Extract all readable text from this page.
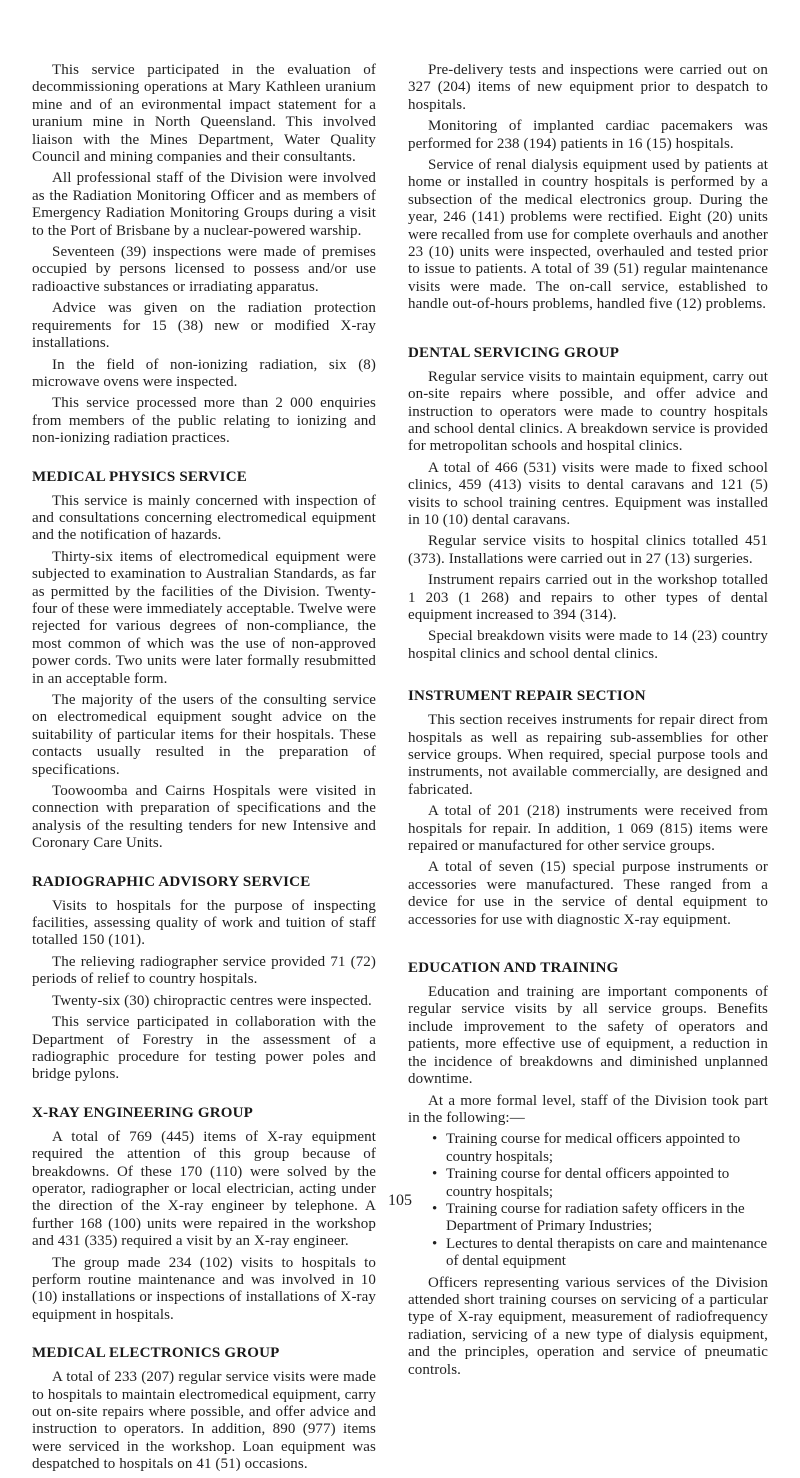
This service participated in the evaluation of decommissioning operations at Mary Kathleen uranium mine and of an evironmental impact statement for a uranium mine in North Queensland. This involved liaison with the Mines Department, Water Quality Council and mining companies and their consultants.

All professional staff of the Division were involved as the Radiation Monitoring Officer and as members of Emergency Radiation Monitoring Groups during a visit to the Port of Brisbane by a nuclear-powered warship.

Seventeen (39) inspections were made of premises occupied by persons licensed to possess and/or use radioactive substances or irradiating apparatus.

Advice was given on the radiation protection requirements for 15 (38) new or modified X-ray installations.

In the field of non-ionizing radiation, six (8) microwave ovens were inspected.

This service processed more than 2 000 enquiries from members of the public relating to ionizing and non-ionizing radiation practices.

MEDICAL PHYSICS SERVICE

This service is mainly concerned with inspection of and consultations concerning electromedical equipment and the notification of hazards.

Thirty-six items of electromedical equipment were subjected to examination to Australian Standards, as far as permitted by the facilities of the Division. Twenty-four of these were immediately acceptable. Twelve were rejected for various degrees of non-compliance, the most common of which was the use of non-approved power cords. Two units were later formally resubmitted in an acceptable form.

The majority of the users of the consulting service on electromedical equipment sought advice on the suitability of particular items for their hospitals. These contacts usually resulted in the preparation of specifications.

Toowoomba and Cairns Hospitals were visited in connection with preparation of specifications and the analysis of the resulting tenders for new Intensive and Coronary Care Units.

RADIOGRAPHIC ADVISORY SERVICE

Visits to hospitals for the purpose of inspecting facilities, assessing quality of work and tuition of staff totalled 150 (101).

The relieving radiographer service provided 71 (72) periods of relief to country hospitals.

Twenty-six (30) chiropractic centres were inspected.

This service participated in collaboration with the Department of Forestry in the assessment of a radiographic procedure for testing power poles and bridge pylons.

X-RAY ENGINEERING GROUP

A total of 769 (445) items of X-ray equipment required the attention of this group because of breakdowns. Of these 170 (110) were solved by the operator, radiographer or local electrician, acting under the direction of the X-ray engineer by telephone. A further 168 (100) units were repaired in the workshop and 431 (335) required a visit by an X-ray engineer.

The group made 234 (102) visits to hospitals to perform routine maintenance and was involved in 10 (10) installations or inspections of installations of X-ray equipment in hospitals.

MEDICAL ELECTRONICS GROUP

A total of 233 (207) regular service visits were made to hospitals to maintain electromedical equipment, carry out on-site repairs where possible, and offer advice and instruction to operators. In addition, 890 (977) items were serviced in the workshop. Loan equipment was despatched to hospitals on 41 (51) occasions.

Pre-delivery tests and inspections were carried out on 327 (204) items of new equipment prior to despatch to hospitals.

Monitoring of implanted cardiac pacemakers was performed for 238 (194) patients in 16 (15) hospitals.

Service of renal dialysis equipment used by patients at home or installed in country hospitals is performed by a subsection of the medical electronics group. During the year, 246 (141) problems were rectified. Eight (20) units were recalled from use for complete overhauls and another 23 (10) units were inspected, overhauled and tested prior to issue to patients. A total of 39 (51) regular maintenance visits were made. The on-call service, established to handle out-of-hours problems, handled five (12) problems.

DENTAL SERVICING GROUP

Regular service visits to maintain equipment, carry out on-site repairs where possible, and offer advice and instruction to operators were made to country hospitals and school dental clinics. A breakdown service is provided for metropolitan schools and hospital clinics.

A total of 466 (531) visits were made to fixed school clinics, 459 (413) visits to dental caravans and 121 (5) visits to school training centres. Equipment was installed in 10 (10) dental caravans.

Regular service visits to hospital clinics totalled 451 (373). Installations were carried out in 27 (13) surgeries.

Instrument repairs carried out in the workshop totalled 1 203 (1 268) and repairs to other types of dental equipment increased to 394 (314).

Special breakdown visits were made to 14 (23) country hospital clinics and school dental clinics.

INSTRUMENT REPAIR SECTION

This section receives instruments for repair direct from hospitals as well as repairing sub-assemblies for other service groups. When required, special purpose tools and instruments, not available commercially, are designed and fabricated.

A total of 201 (218) instruments were received from hospitals for repair. In addition, 1 069 (815) items were repaired or manufactured for other service groups.

A total of seven (15) special purpose instruments or accessories were manufactured. These ranged from a device for use in the service of dental equipment to accessories for use with diagnostic X-ray equipment.

EDUCATION AND TRAINING

Education and training are important components of regular service visits by all service groups. Benefits include improvement to the safety of operators and patients, more effective use of equipment, a reduction in the incidence of breakdowns and diminished unplanned downtime.

At a more formal level, staff of the Division took part in the following:—

• Training course for medical officers appointed to country hospitals;
• Training course for dental officers appointed to country hospitals;
• Training course for radiation safety officers in the Department of Primary Industries;
• Lectures to dental therapists on care and maintenance of dental equipment

Officers representing various services of the Division attended short training courses on servicing of a particular type of X-ray equipment, measurement of radiofrequency radiation, servicing of a new type of dialysis equipment, and the principles, operation and service of pneumatic controls.

105
